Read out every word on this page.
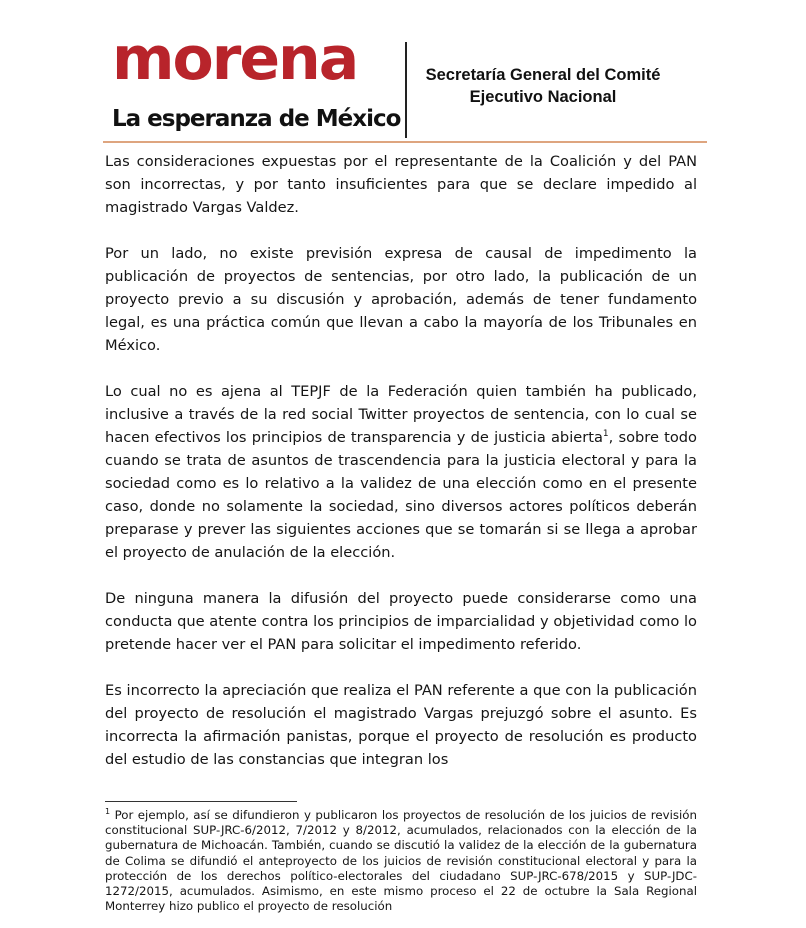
morena
La esperanza de México
Secretaría General del Comité
Ejecutivo Nacional

Las consideraciones expuestas por el representante de la Coalición y del PAN son incorrectas, y por tanto insuficientes para que se declare impedido al magistrado Vargas Valdez.

Por un lado, no existe previsión expresa de causal de impedimento la publicación de proyectos de sentencias, por otro lado, la publicación de un proyecto previo a su discusión y aprobación, además de tener fundamento legal, es una práctica común que llevan a cabo la mayoría de los Tribunales en México.

Lo cual no es ajena al TEPJF de la Federación quien también ha publicado, inclusive a través de la red social Twitter proyectos de sentencia, con lo cual se hacen efectivos los principios de transparencia y de justicia abierta$^1$, sobre todo cuando se trata de asuntos de trascendencia para la justicia electoral y para la sociedad como es lo relativo a la validez de una elección como en el presente caso, donde no solamente la sociedad, sino diversos actores políticos deberán preparase y prever las siguientes acciones que se tomarán si se llega a aprobar el proyecto de anulación de la elección.

De ninguna manera la difusión del proyecto puede considerarse como una conducta que atente contra los principios de imparcialidad y objetividad como lo pretende hacer ver el PAN para solicitar el impedimento referido.

Es incorrecto la apreciación que realiza el PAN referente a que con la publicación del proyecto de resolución el magistrado Vargas prejuzgó sobre el asunto. Es incorrecta la afirmación panistas, porque el proyecto de resolución es producto del estudio de las constancias que integran los

$^1$ Por ejemplo, así se difundieron y publicaron los proyectos de resolución de los juicios de revisión constitucional SUP-JRC-6/2012, 7/2012 y 8/2012, acumulados, relacionados con la elección de la gubernatura de Michoacán. También, cuando se discutió la validez de la elección de la gubernatura de Colima se difundió el anteproyecto de los juicios de revisión constitucional electoral y para la protección de los derechos político-electorales del ciudadano SUP-JRC-678/2015 y SUP-JDC-1272/2015, acumulados. Asimismo, en este mismo proceso el 22 de octubre la Sala Regional Monterrey hizo publico el proyecto de resolución
